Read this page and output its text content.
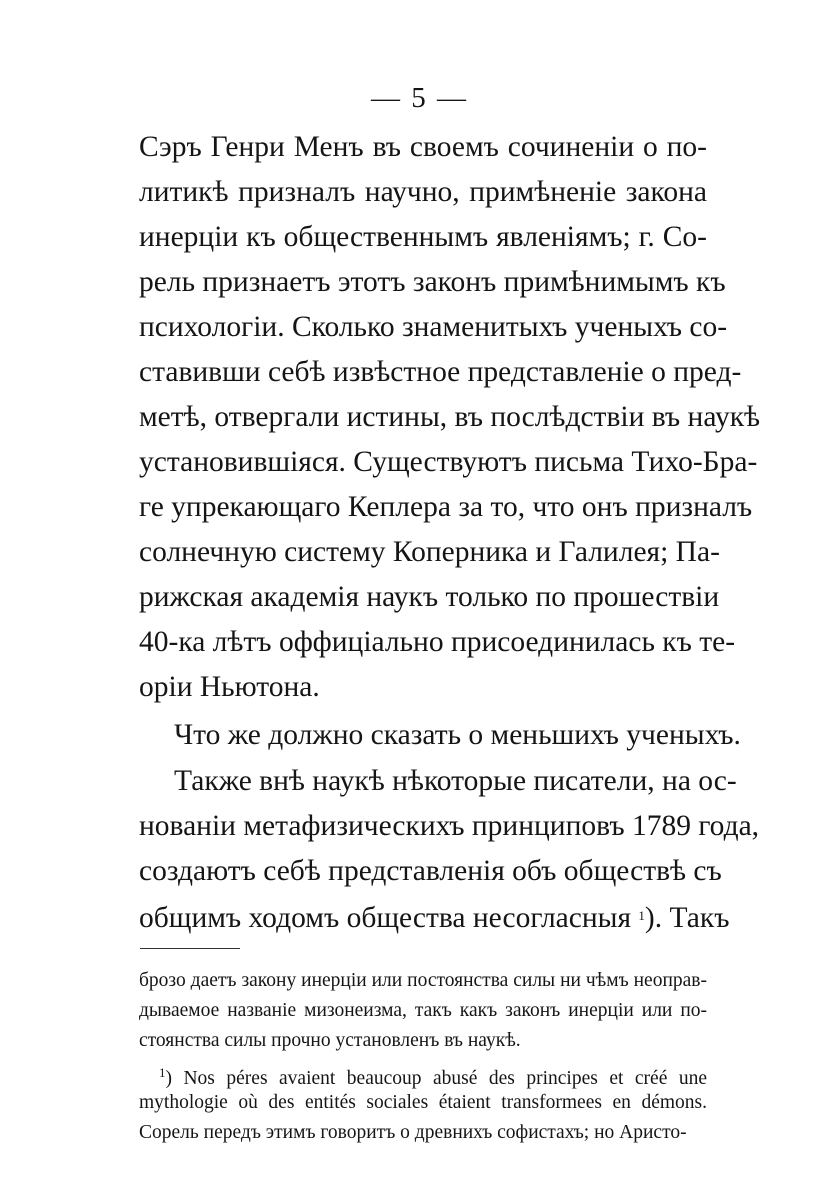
— 5 —
Сэръ Генри Менъ въ своемъ сочиненіи о по-
литикѣ призналъ научно, примѣненіе закона
инерціи къ общественнымъ явленіямъ; г. Со-
рель признаетъ этотъ законъ примѣнимымъ къ
психологіи. Сколько знаменитыхъ ученыхъ со-
ставивши себѣ извѣстное представленіе о пред-
метѣ, отвергали истины, въ послѣдствіи въ наукѣ
установившіяся. Существуютъ письма Тихо-Бра-
ге упрекающаго Кеплера за то, что онъ призналъ
солнечную систему Коперника и Галилея; Па-
рижская академія наукъ только по прошествіи
40-ка лѣтъ оффиціально присоединилась къ те-
оріи Ньютона.
Что же должно сказать о меньшихъ ученыхъ.
Также внѣ наукѣ нѣкоторые писатели, на ос-
нованіи метафизическихъ принциповъ 1789 года,
создаютъ себѣ представленія объ обществѣ съ
общимъ ходомъ общества несогласныя $^1$). Такъ
брозо даетъ закону инерціи или постоянства силы ни чѣмъ неоправ-
дываемое названіе мизонеизма, такъ какъ законъ инерціи или по-
стоянства силы прочно установленъ въ наукѣ.
$^1$) Nos péres avaient beaucoup abusé des principes et créé une
mythologie où des entités sociales étaient transformees en démons.
Сорель передъ этимъ говоритъ о древнихъ софистахъ; но Аристо-
